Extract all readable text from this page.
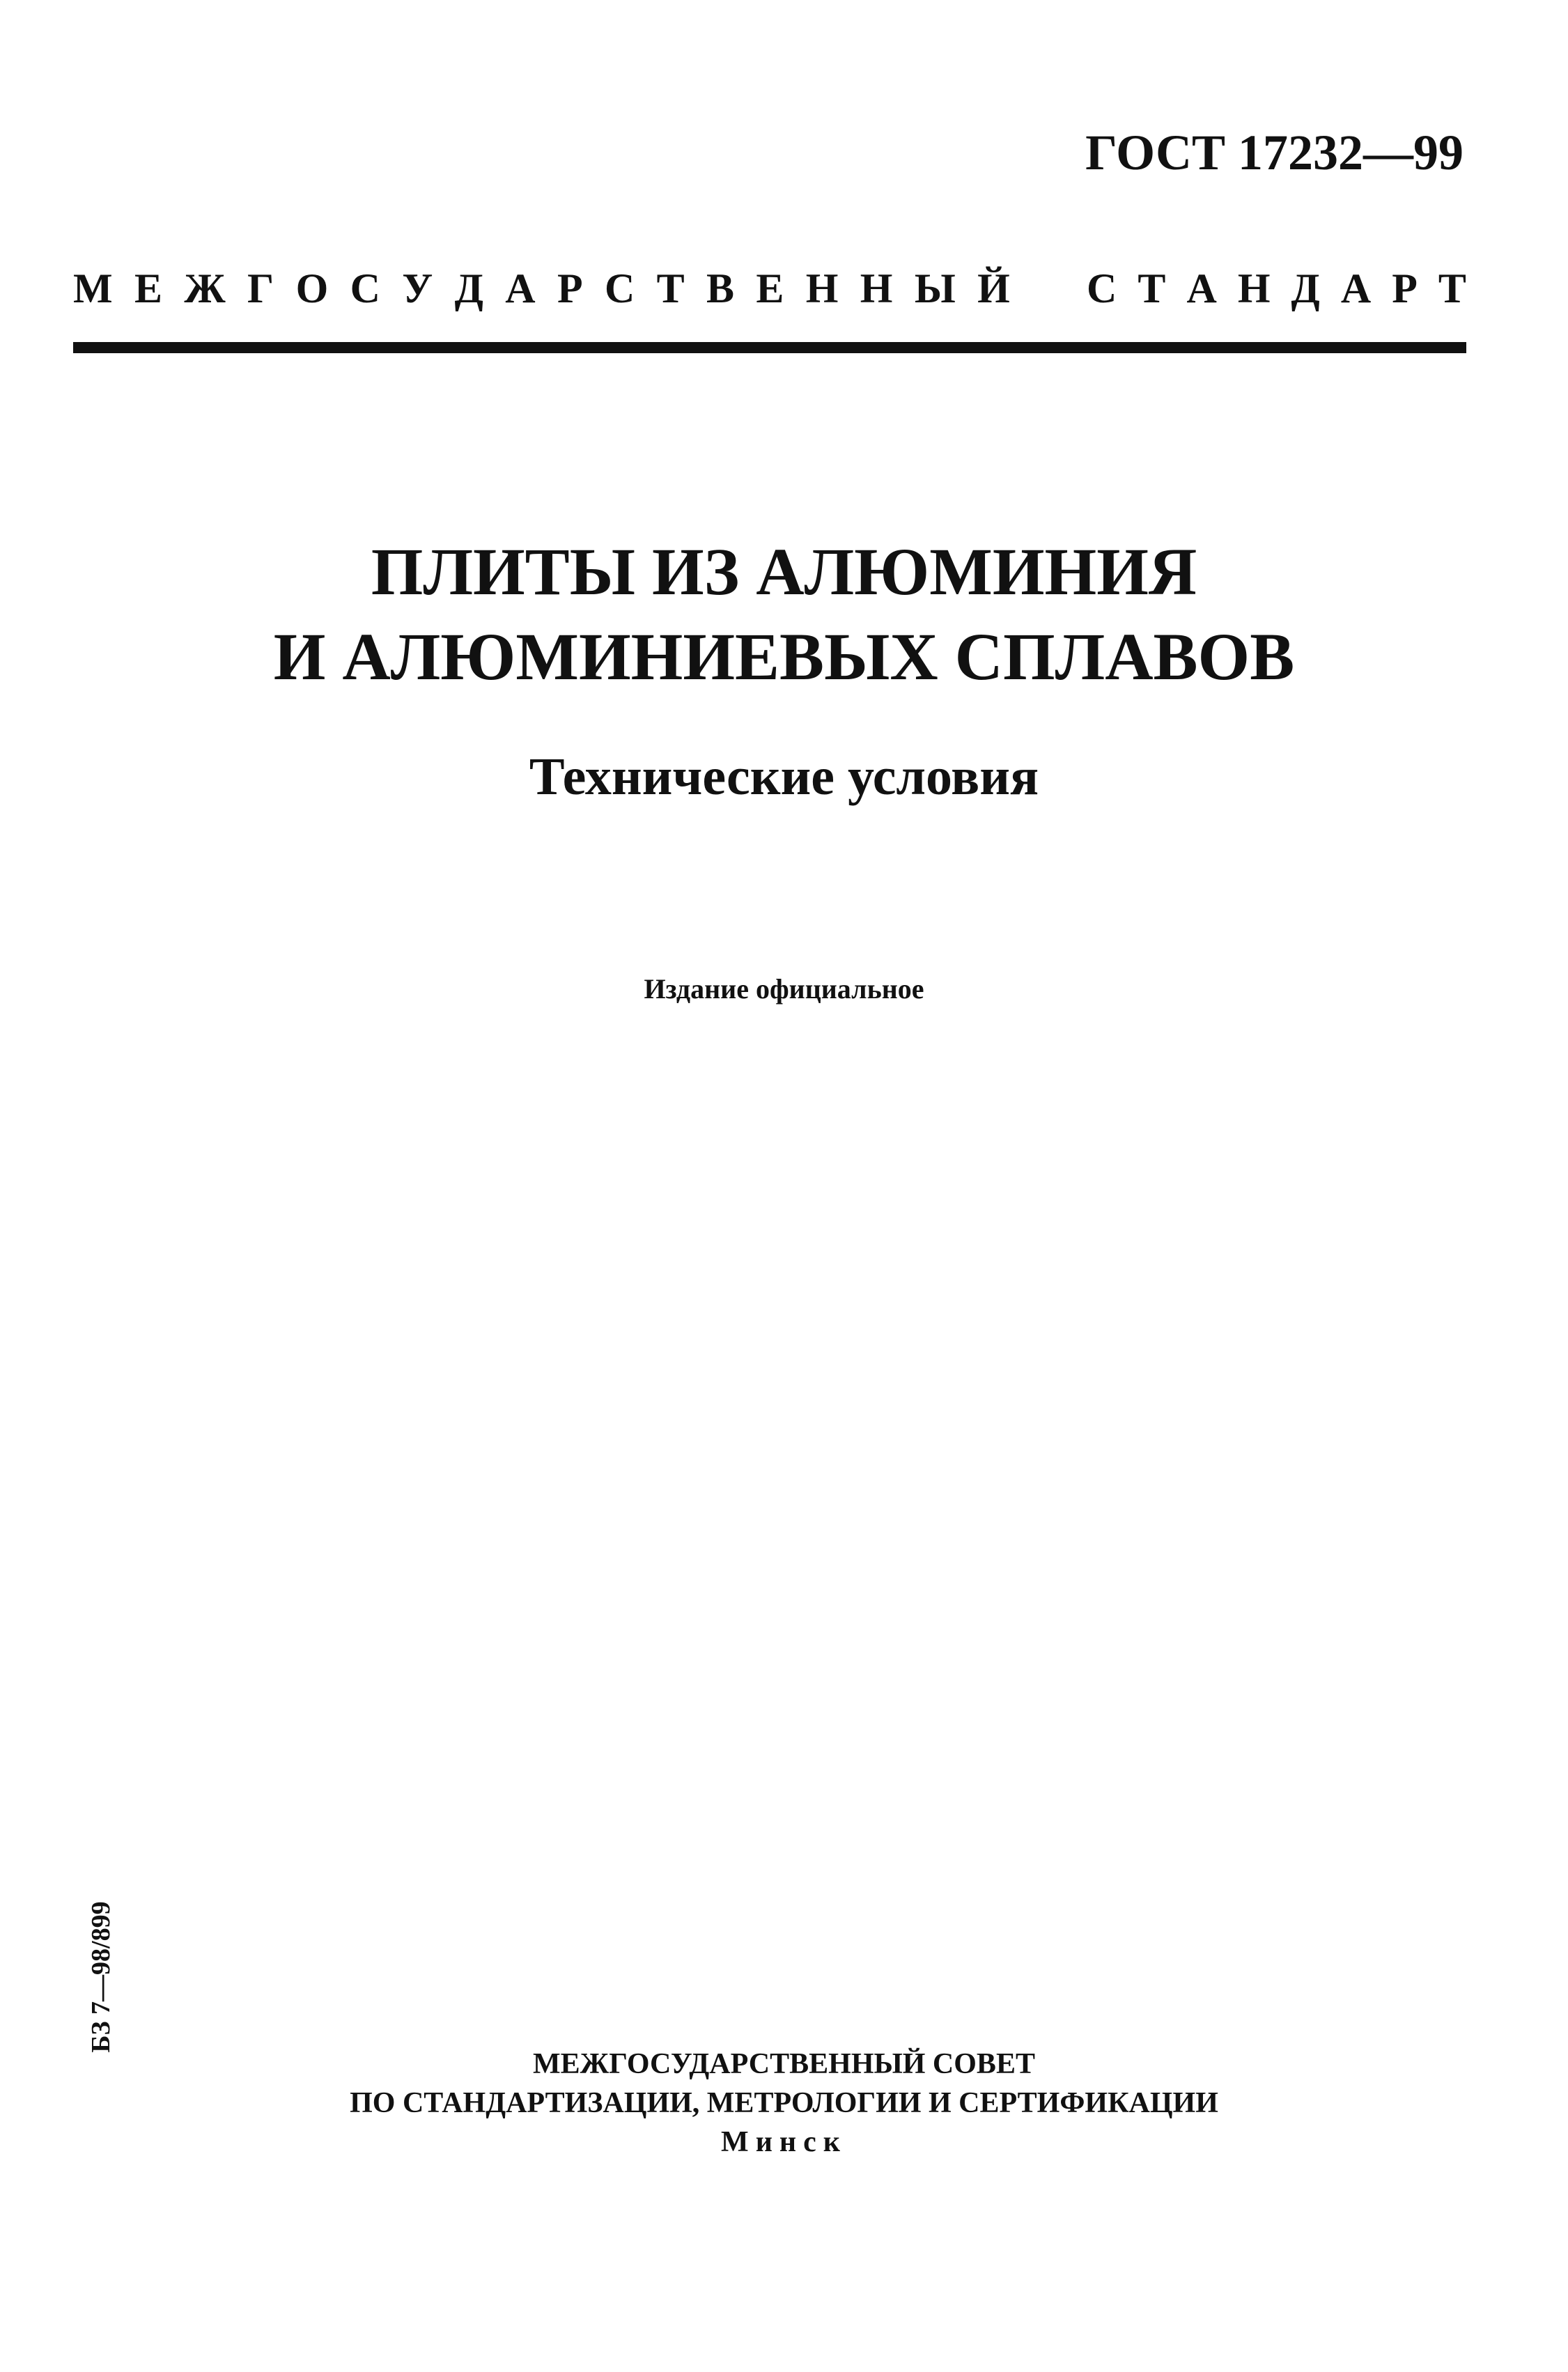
ГОСТ 17232—99
М Е Ж Г О С У Д А Р С Т В Е Н Н Ы Й С Т А Н Д А Р Т
ПЛИТЫ ИЗ АЛЮМИНИЯ
И АЛЮМИНИЕВЫХ СПЛАВОВ
Технические условия
Издание официальное
БЗ 7—98/899
МЕЖГОСУДАРСТВЕННЫЙ СОВЕТ
ПО СТАНДАРТИЗАЦИИ, МЕТРОЛОГИИ И СЕРТИФИКАЦИИ
Минск
